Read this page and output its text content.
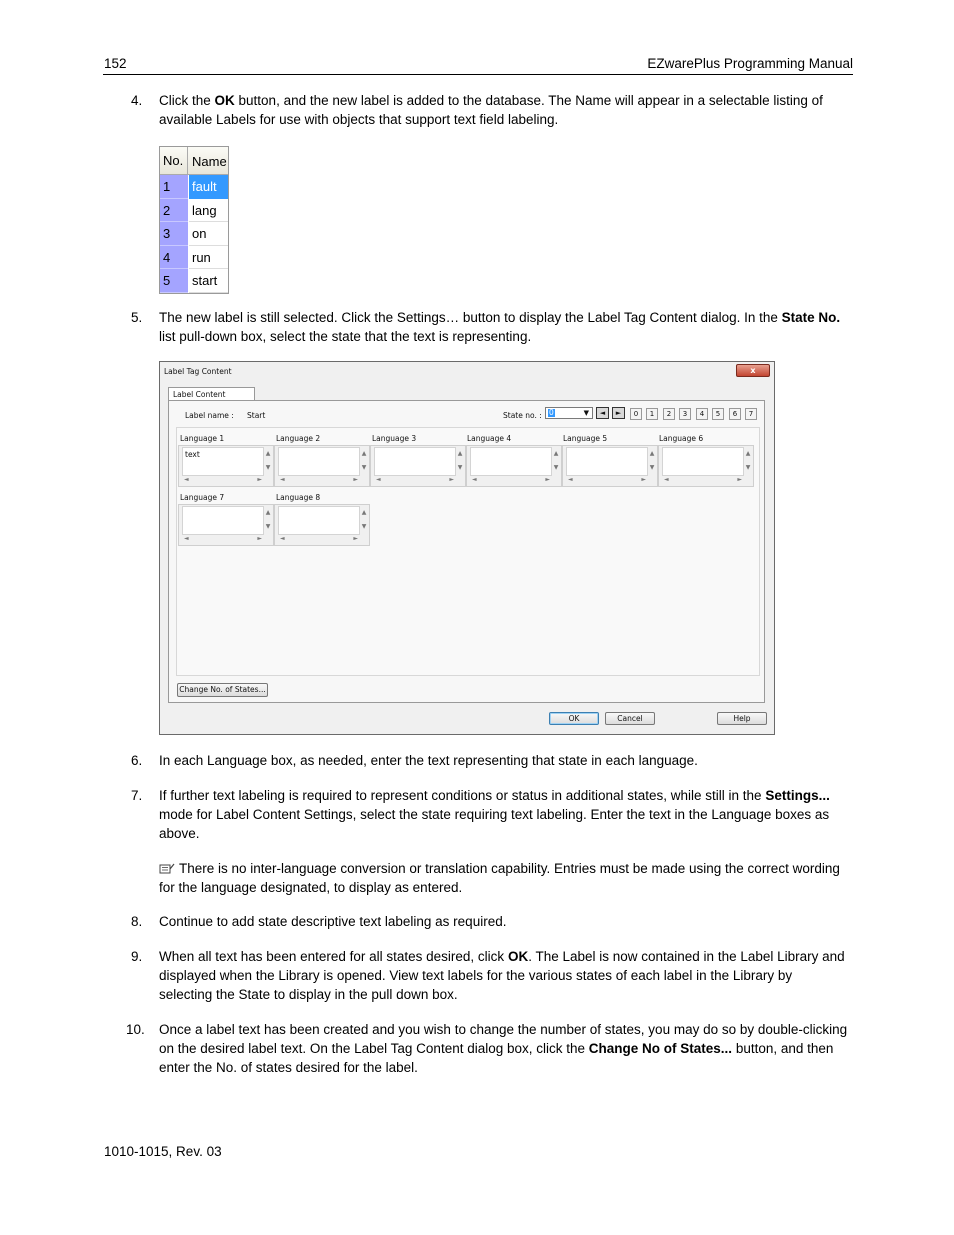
152	EZwarePlus Programming Manual
4. Click the OK button, and the new label is added to the database. The Name will appear in a selectable listing of available Labels for use with objects that support text field labeling.
No. Name
1	fault
2	lang
3	on
4	run
5	start
5. The new label is still selected. Click the Settings… button to display the Label Tag Content dialog. In the State No. list pull-down box, select the state that the text is representing.
Label Tag Content	x
Label Content
Label name : Start	State no. : 0	▼	◄	►	0	1	2	3	4	5	6	7
Language 1	Language 2	Language 3	Language 4	Language 5	Language 6
text	▲
▼
◄	►
▲
▼
◄	►
▲
▼
◄	►
▲
▼
◄	►
▲
▼
◄	►
▲
▼
◄	►
Language 7	Language 8
▲
▼
◄	►
▲
▼
◄	►
Change No. of States...
OK	Cancel	Help
6. In each Language box, as needed, enter the text representing that state in each language.
7. If further text labeling is required to represent conditions or status in additional states, while still in the Settings... mode for Label Content Settings, select the state requiring text labeling. Enter the text in the Language boxes as above.
There is no inter-language conversion or translation capability. Entries must be made using the correct wording for the language designated, to display as entered.
8. Continue to add state descriptive text labeling as required.
9. When all text has been entered for all states desired, click OK. The Label is now contained in the Label Library and displayed when the Library is opened. View text labels for the various states of each label in the Library by selecting the State to display in the pull down box.
10. Once a label text has been created and you wish to change the number of states, you may do so by double-clicking on the desired label text. On the Label Tag Content dialog box, click the Change No of States... button, and then enter the No. of states desired for the label.
1010-1015, Rev. 03
